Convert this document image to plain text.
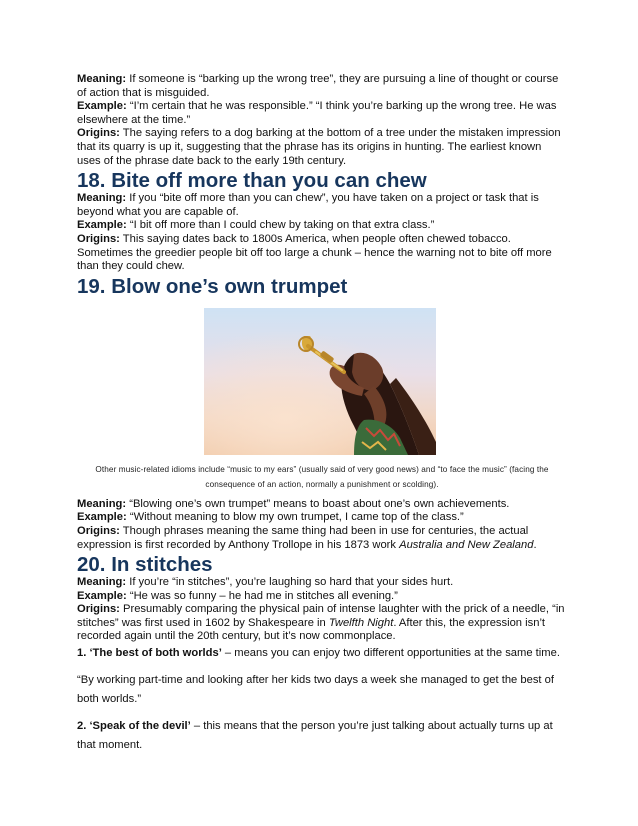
Meaning: If someone is “barking up the wrong tree”, they are pursuing a line of thought or course of action that is misguided.

Example: “I’m certain that he was responsible.” “I think you’re barking up the wrong tree. He was elsewhere at the time.”

Origins: The saying refers to a dog barking at the bottom of a tree under the mistaken impression that its quarry is up it, suggesting that the phrase has its origins in hunting. The earliest known uses of the phrase date back to the early 19th century.

18. Bite off more than you can chew

Meaning: If you “bite off more than you can chew”, you have taken on a project or task that is beyond what you are capable of.

Example: “I bit off more than I could chew by taking on that extra class.”

Origins: This saying dates back to 1800s America, when people often chewed tobacco. Sometimes the greedier people bit off too large a chunk – hence the warning not to bite off more than they could chew.

19. Blow one’s own trumpet

Other music-related idioms include “music to my ears” (usually said of very good news) and “to face the music” (facing the

consequence of an action, normally a punishment or scolding).

Meaning: “Blowing one’s own trumpet” means to boast about one’s own achievements.

Example: “Without meaning to blow my own trumpet, I came top of the class.”

Origins: Though phrases meaning the same thing had been in use for centuries, the actual expression is first recorded by Anthony Trollope in his 1873 work Australia and New Zealand.

20. In stitches

Meaning: If you’re “in stitches”, you’re laughing so hard that your sides hurt.

Example: “He was so funny – he had me in stitches all evening.”

Origins: Presumably comparing the physical pain of intense laughter with the prick of a needle, “in stitches” was first used in 1602 by Shakespeare in Twelfth Night. After this, the expression isn’t recorded again until the 20th century, but it’s now commonplace.

1. ‘The best of both worlds’ – means you can enjoy two different opportunities at the same time.

“By working part-time and looking after her kids two days a week she managed to get the best of both worlds.”

2. ‘Speak of the devil’ – this means that the person you’re just talking about actually turns up at that moment.
